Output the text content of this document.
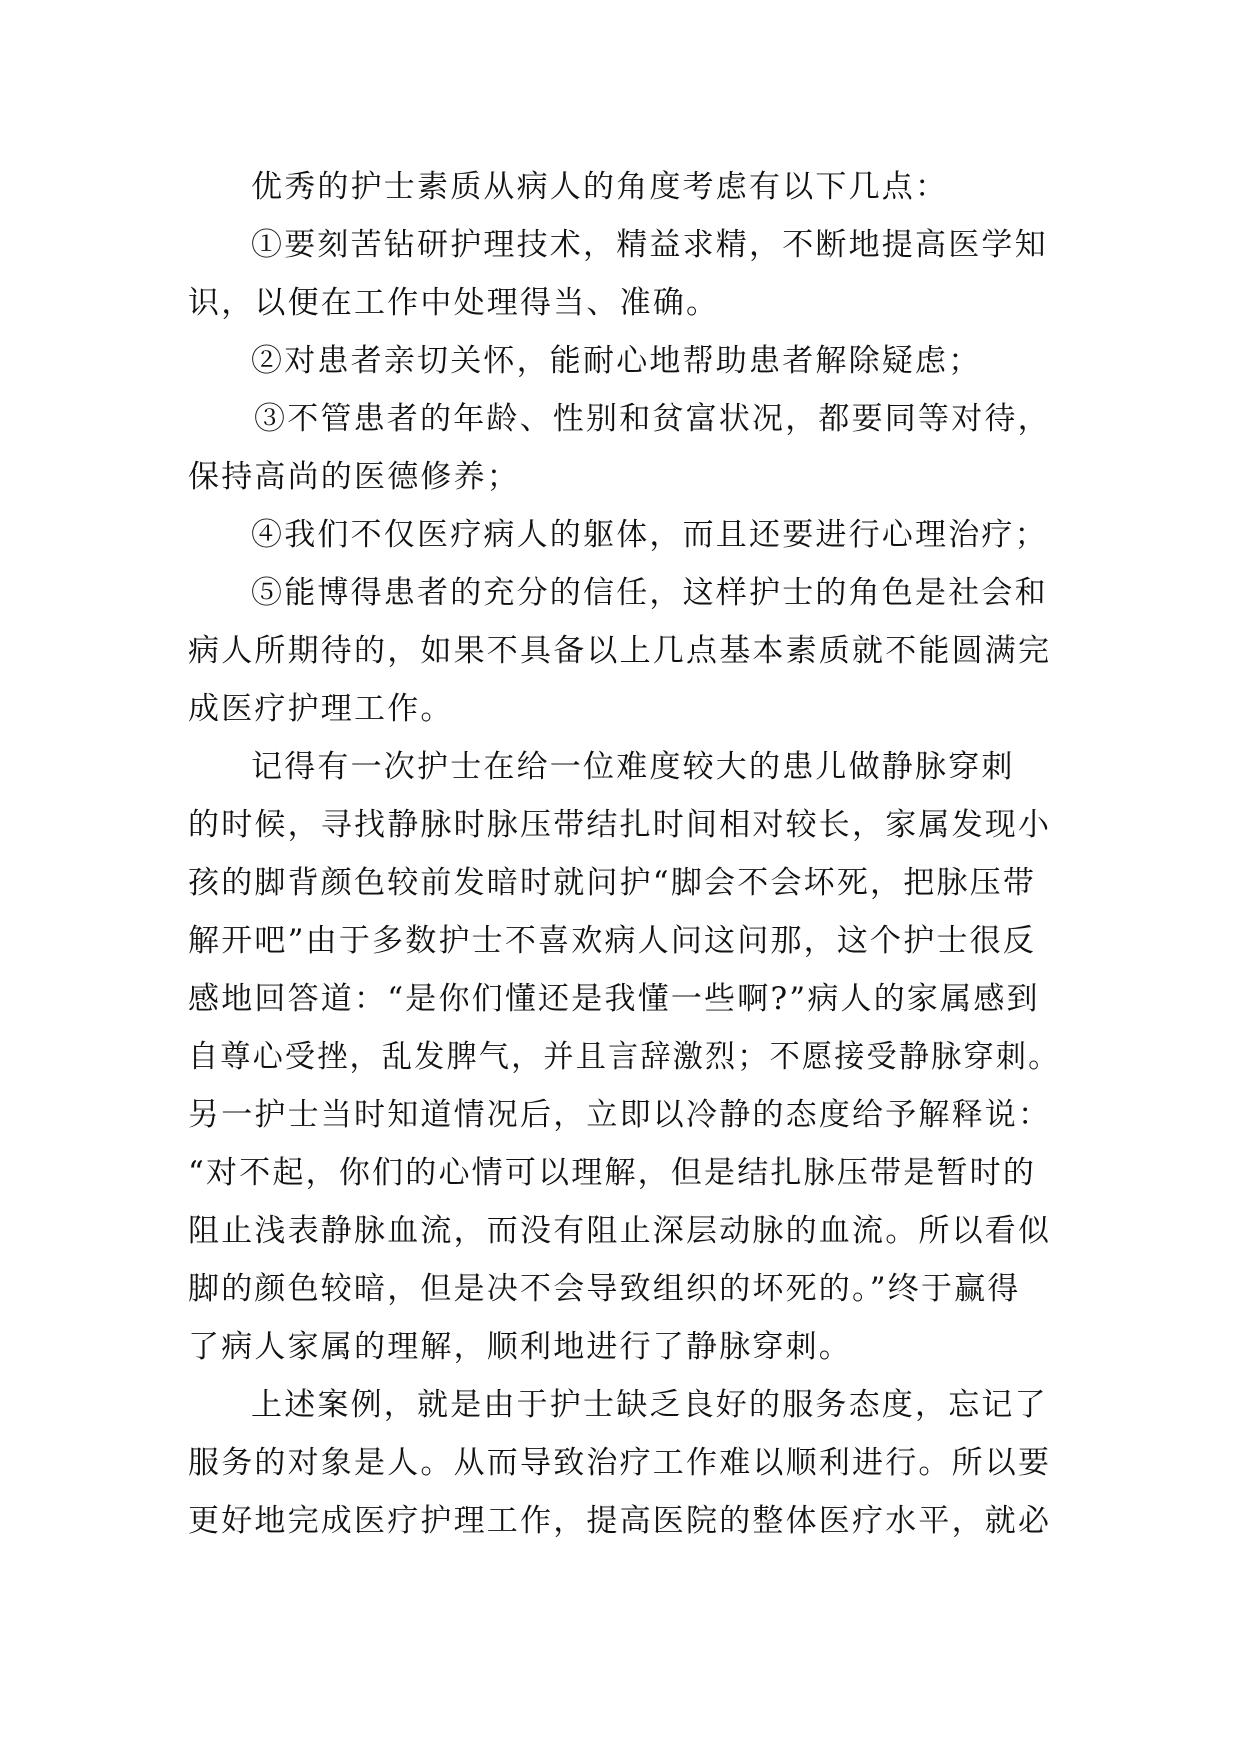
优秀的护士素质从病人的角度考虑有以下几点：
①要刻苦钻研护理技术，精益求精，不断地提高医学知
识，以便在工作中处理得当、准确。
②对患者亲切关怀，能耐心地帮助患者解除疑虑；
③不管患者的年龄、性别和贫富状况，都要同等对待，
保持高尚的医德修养；
④我们不仅医疗病人的躯体，而且还要进行心理治疗；
⑤能博得患者的充分的信任，这样护士的角色是社会和
病人所期待的，如果不具备以上几点基本素质就不能圆满完
成医疗护理工作。
记得有一次护士在给一位难度较大的患儿做静脉穿刺
的时候，寻找静脉时脉压带结扎时间相对较长，家属发现小
孩的脚背颜色较前发暗时就问护“脚会不会坏死，把脉压带
解开吧”由于多数护士不喜欢病人问这问那，这个护士很反
感地回答道：“是你们懂还是我懂一些啊?”病人的家属感到
自尊心受挫，乱发脾气，并且言辞激烈；不愿接受静脉穿刺。
另一护士当时知道情况后，立即以冷静的态度给予解释说：
“对不起，你们的心情可以理解，但是结扎脉压带是暂时的
阻止浅表静脉血流，而没有阻止深层动脉的血流。所以看似
脚的颜色较暗，但是决不会导致组织的坏死的。”终于赢得
了病人家属的理解，顺利地进行了静脉穿刺。
上述案例，就是由于护士缺乏良好的服务态度，忘记了
服务的对象是人。从而导致治疗工作难以顺利进行。所以要
更好地完成医疗护理工作，提高医院的整体医疗水平，就必
